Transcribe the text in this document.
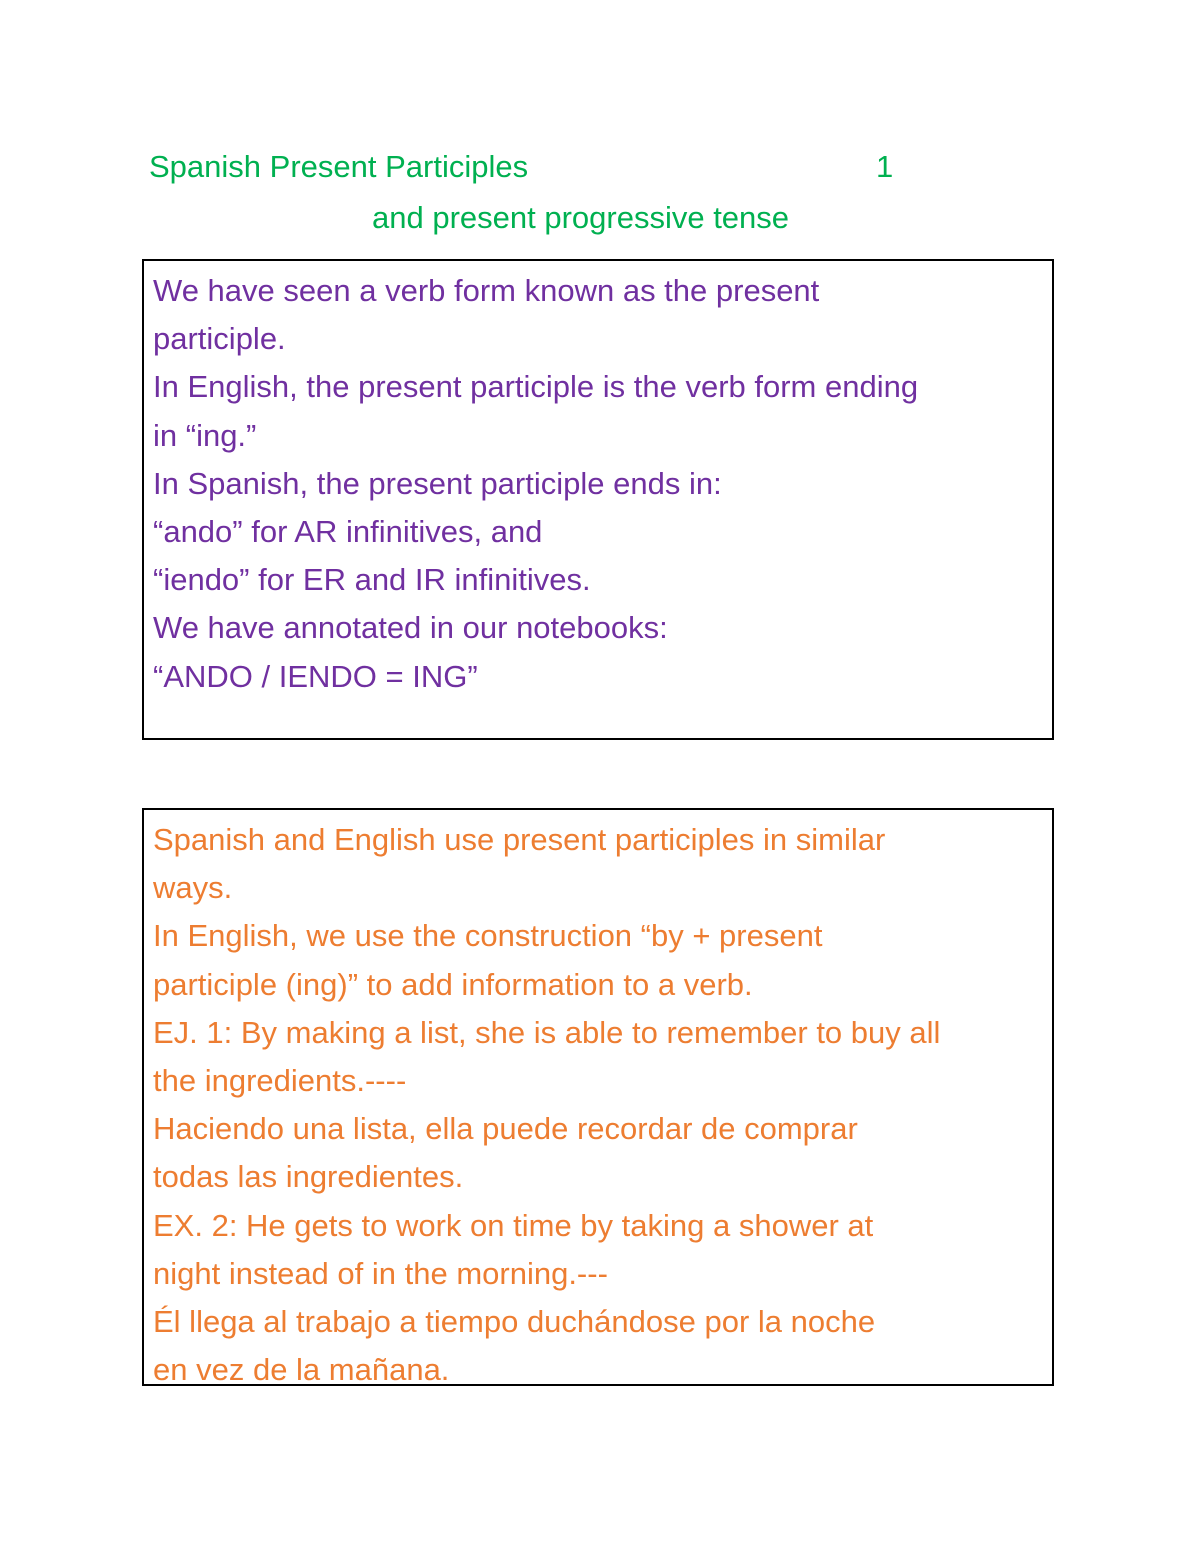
Spanish Present Participles	1
and present progressive tense
We have seen a verb form known as the present
participle.
In English, the present participle is the verb form ending
in “ing.”
In Spanish, the present participle ends in:
“ando” for AR infinitives, and
“iendo” for ER and IR infinitives.
We have annotated in our notebooks:
“ANDO / IENDO = ING”
Spanish and English use present participles in similar
ways.
In English, we use the construction “by + present
participle (ing)” to add information to a verb.
EJ. 1: By making a list, she is able to remember to buy all
the ingredients.----
Haciendo una lista, ella puede recordar de comprar
todas las ingredientes.
EX. 2: He gets to work on time by taking a shower at
night instead of in the morning.---
Él llega al trabajo a tiempo duchándose por la noche
en vez de la mañana.
